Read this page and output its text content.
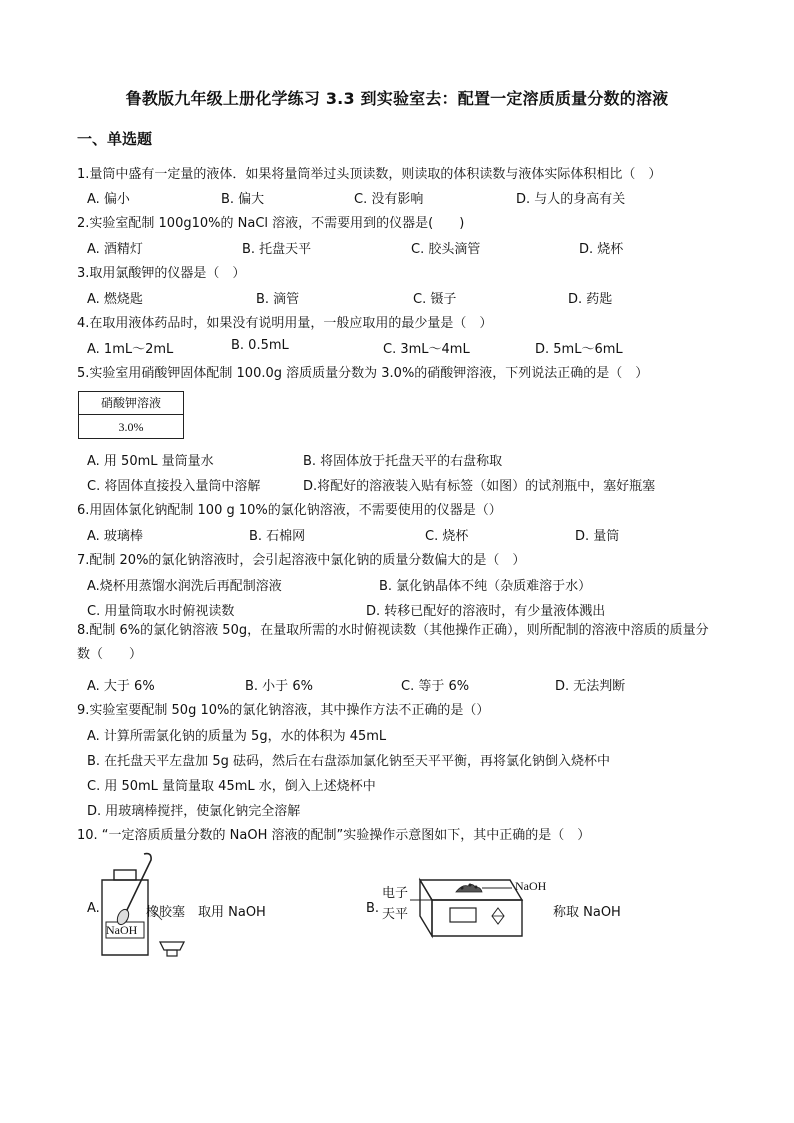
鲁教版九年级上册化学练习 3.3 到实验室去：配置一定溶质质量分数的溶液
一、单选题
1.量筒中盛有一定量的液体．如果将量筒举过头顶读数，则读取的体积读数与液体实际体积相比（　）
A. 偏小	B. 偏大	C. 没有影响	D. 与人的身高有关
2.实验室配制 100g10%的 NaCl 溶液，不需要用到的仪器是(　　)
A. 酒精灯	B. 托盘天平	C. 胶头滴管	D. 烧杯
3.取用氯酸钾的仪器是（　）
A. 燃烧匙	B. 滴管	C. 镊子	D. 药匙
4.在取用液体药品时，如果没有说明用量，一般应取用的最少量是（　）
A. 1mL～2mL	B. 0.5mL	C. 3mL～4mL	D. 5mL～6mL
5.实验室用硝酸钾固体配制 100.0g 溶质质量分数为 3.0%的硝酸钾溶液，下列说法正确的是（　）
硝酸钾溶液
3.0%
A. 用 50mL 量筒量水	B. 将固体放于托盘天平的右盘称取
C. 将固体直接投入量筒中溶解	D.将配好的溶液装入贴有标签（如图）的试剂瓶中，塞好瓶塞
6.用固体氯化钠配制 100 g 10%的氯化钠溶液，不需要使用的仪器是（）
A. 玻璃棒	B. 石棉网	C. 烧杯	D. 量筒
7.配制 20%的氯化钠溶液时，会引起溶液中氯化钠的质量分数偏大的是（　）
A.烧杯用蒸馏水润洗后再配制溶液	B. 氯化钠晶体不纯（杂质难溶于水）
C. 用量筒取水时俯视读数	D. 转移已配好的溶液时，有少量液体溅出
8.配制 6%的氯化钠溶液 50g，在量取所需的水时俯视读数（其他操作正确），则所配制的溶液中溶质的质量分数（　　）
A. 大于 6%	B. 小于 6%	C. 等于 6%	D. 无法判断
9.实验室要配制 50g 10%的氯化钠溶液，其中操作方法不正确的是（）
A. 计算所需氯化钠的质量为 5g，水的体积为 45mL
B. 在托盘天平左盘加 5g 砝码，然后在右盘添加氯化钠至天平平衡，再将氯化钠倒入烧杯中
C. 用 50mL 量筒量取 45mL 水，倒入上述烧杯中
D. 用玻璃棒搅拌，使氯化钠完全溶解
10. “一定溶质质量分数的 NaOH 溶液的配制”实验操作示意图如下，其中正确的是（　）
A.
NaOH
橡胶塞 取用 NaOH	B.
电子
天平
NaOH
称取 NaOH
